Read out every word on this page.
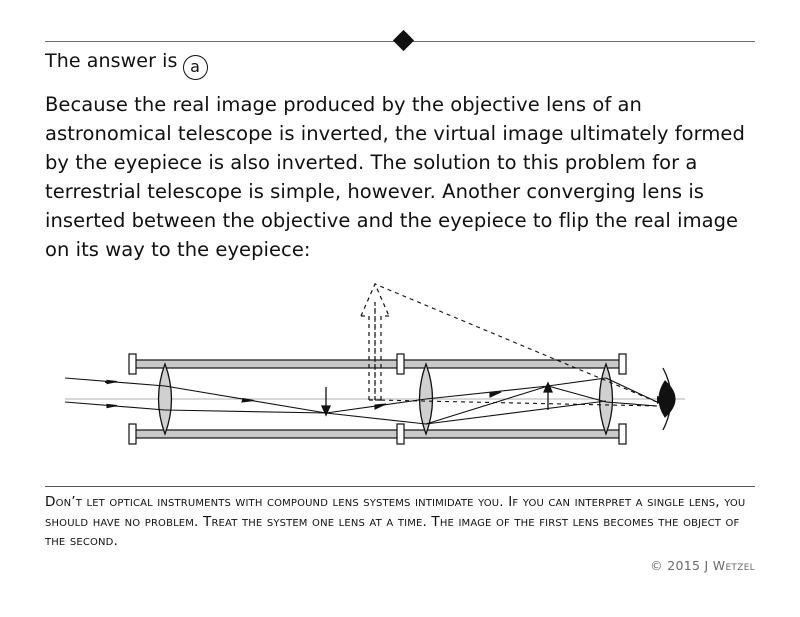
The answer is a
Because the real image produced by the objective lens of an astronomical telescope is inverted, the virtual image ultimately formed by the eyepiece is also inverted. The solution to this problem for a terrestrial telescope is simple, however. Another converging lens is inserted between the objective and the eyepiece to flip the real image on its way to the eyepiece:
Don’t let optical instruments with compound lens systems intimidate you. If you can interpret a single lens, you should have no problem. Treat the system one lens at a time. The image of the first lens becomes the object of the second.
© 2015 J Wetzel
